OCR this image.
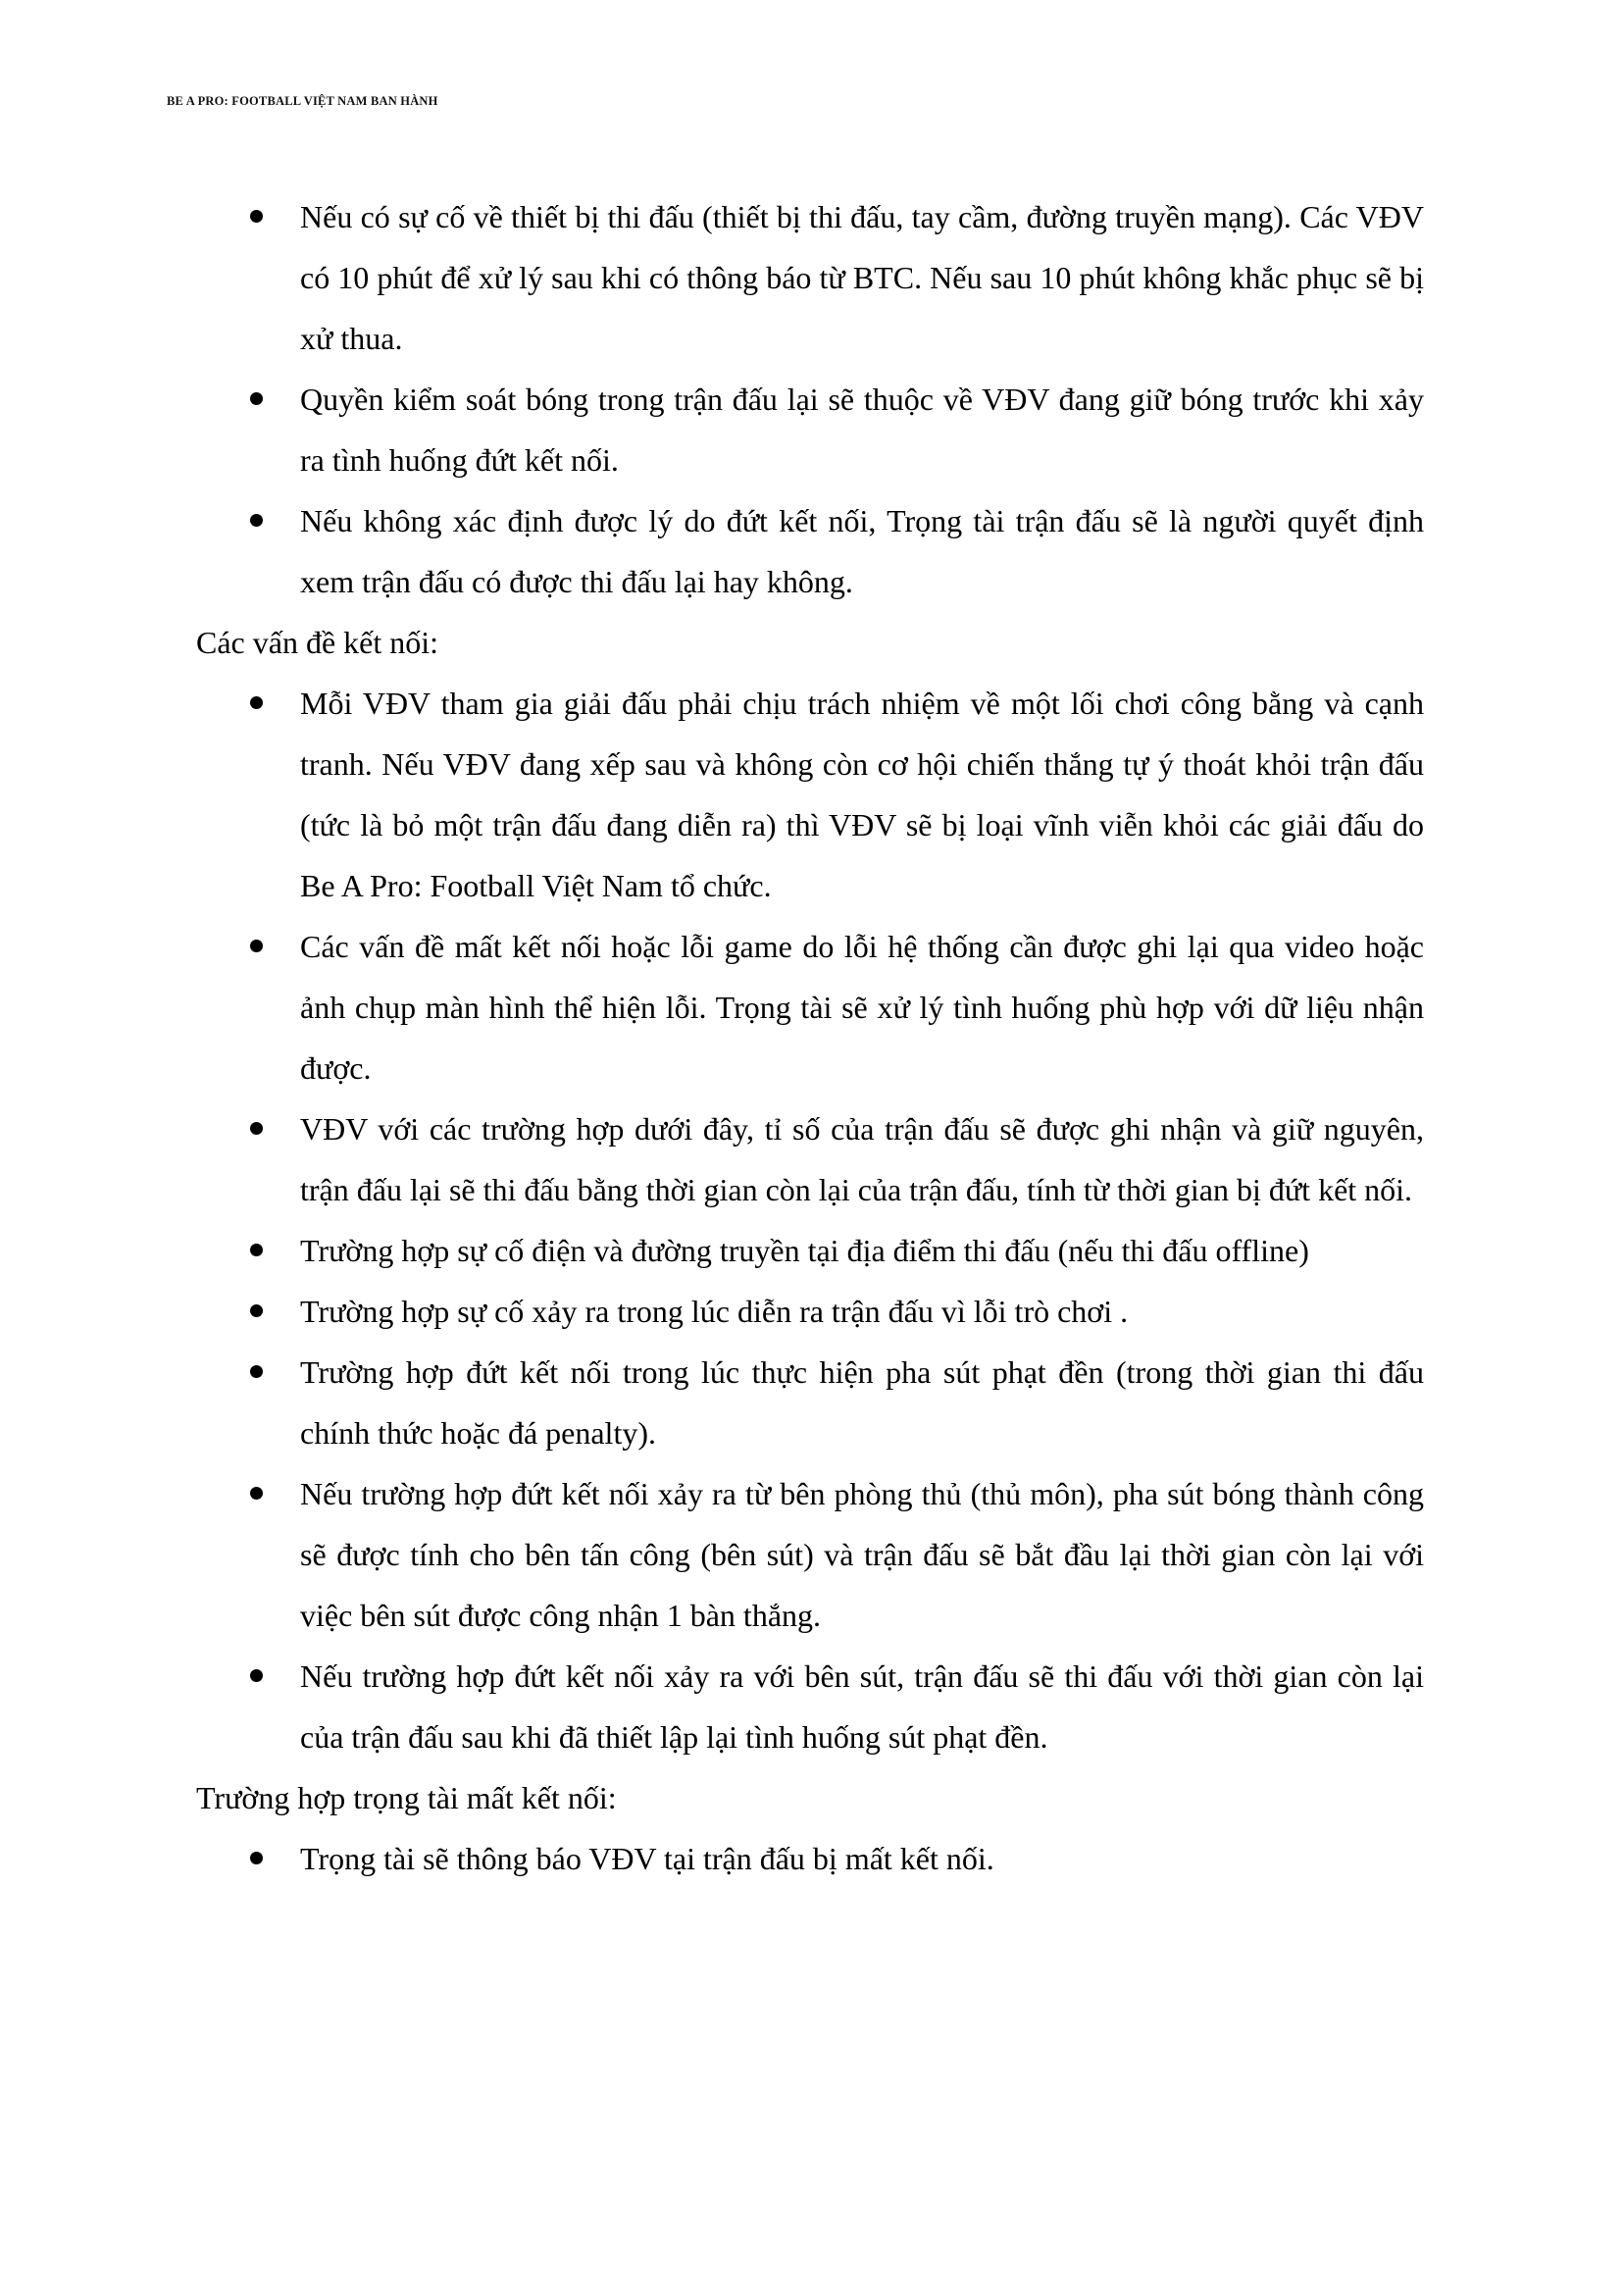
BE A PRO: FOOTBALL VIỆT NAM BAN HÀNH
Nếu có sự cố về thiết bị thi đấu (thiết bị thi đấu, tay cầm, đường truyền mạng). Các VĐV có 10 phút để xử lý sau khi có thông báo từ BTC. Nếu sau 10 phút không khắc phục sẽ bị xử thua.
Quyền kiểm soát bóng trong trận đấu lại sẽ thuộc về VĐV đang giữ bóng trước khi xảy ra tình huống đứt kết nối.
Nếu không xác định được lý do đứt kết nối, Trọng tài trận đấu sẽ là người quyết định xem trận đấu có được thi đấu lại hay không.
Các vấn đề kết nối:
Mỗi VĐV tham gia giải đấu phải chịu trách nhiệm về một lối chơi công bằng và cạnh tranh. Nếu VĐV đang xếp sau và không còn cơ hội chiến thắng tự ý thoát khỏi trận đấu (tức là bỏ một trận đấu đang diễn ra) thì VĐV sẽ bị loại vĩnh viễn khỏi các giải đấu do Be A Pro: Football Việt Nam tổ chức.
Các vấn đề mất kết nối hoặc lỗi game do lỗi hệ thống cần được ghi lại qua video hoặc ảnh chụp màn hình thể hiện lỗi. Trọng tài sẽ xử lý tình huống phù hợp với dữ liệu nhận được.
VĐV với các trường hợp dưới đây, tỉ số của trận đấu sẽ được ghi nhận và giữ nguyên, trận đấu lại sẽ thi đấu bằng thời gian còn lại của trận đấu, tính từ thời gian bị đứt kết nối.
Trường hợp sự cố điện và đường truyền tại địa điểm thi đấu (nếu thi đấu offline)
Trường hợp sự cố xảy ra trong lúc diễn ra trận đấu vì lỗi trò chơi .
Trường hợp đứt kết nối trong lúc thực hiện pha sút phạt đền (trong thời gian thi đấu chính thức hoặc đá penalty).
Nếu trường hợp đứt kết nối xảy ra từ bên phòng thủ (thủ môn), pha sút bóng thành công sẽ được tính cho bên tấn công (bên sút) và trận đấu sẽ bắt đầu lại thời gian còn lại với việc bên sút được công nhận 1 bàn thắng.
Nếu trường hợp đứt kết nối xảy ra với bên sút, trận đấu sẽ thi đấu với thời gian còn lại của trận đấu sau khi đã thiết lập lại tình huống sút phạt đền.
Trường hợp trọng tài mất kết nối:
Trọng tài sẽ thông báo VĐV tại trận đấu bị mất kết nối.
